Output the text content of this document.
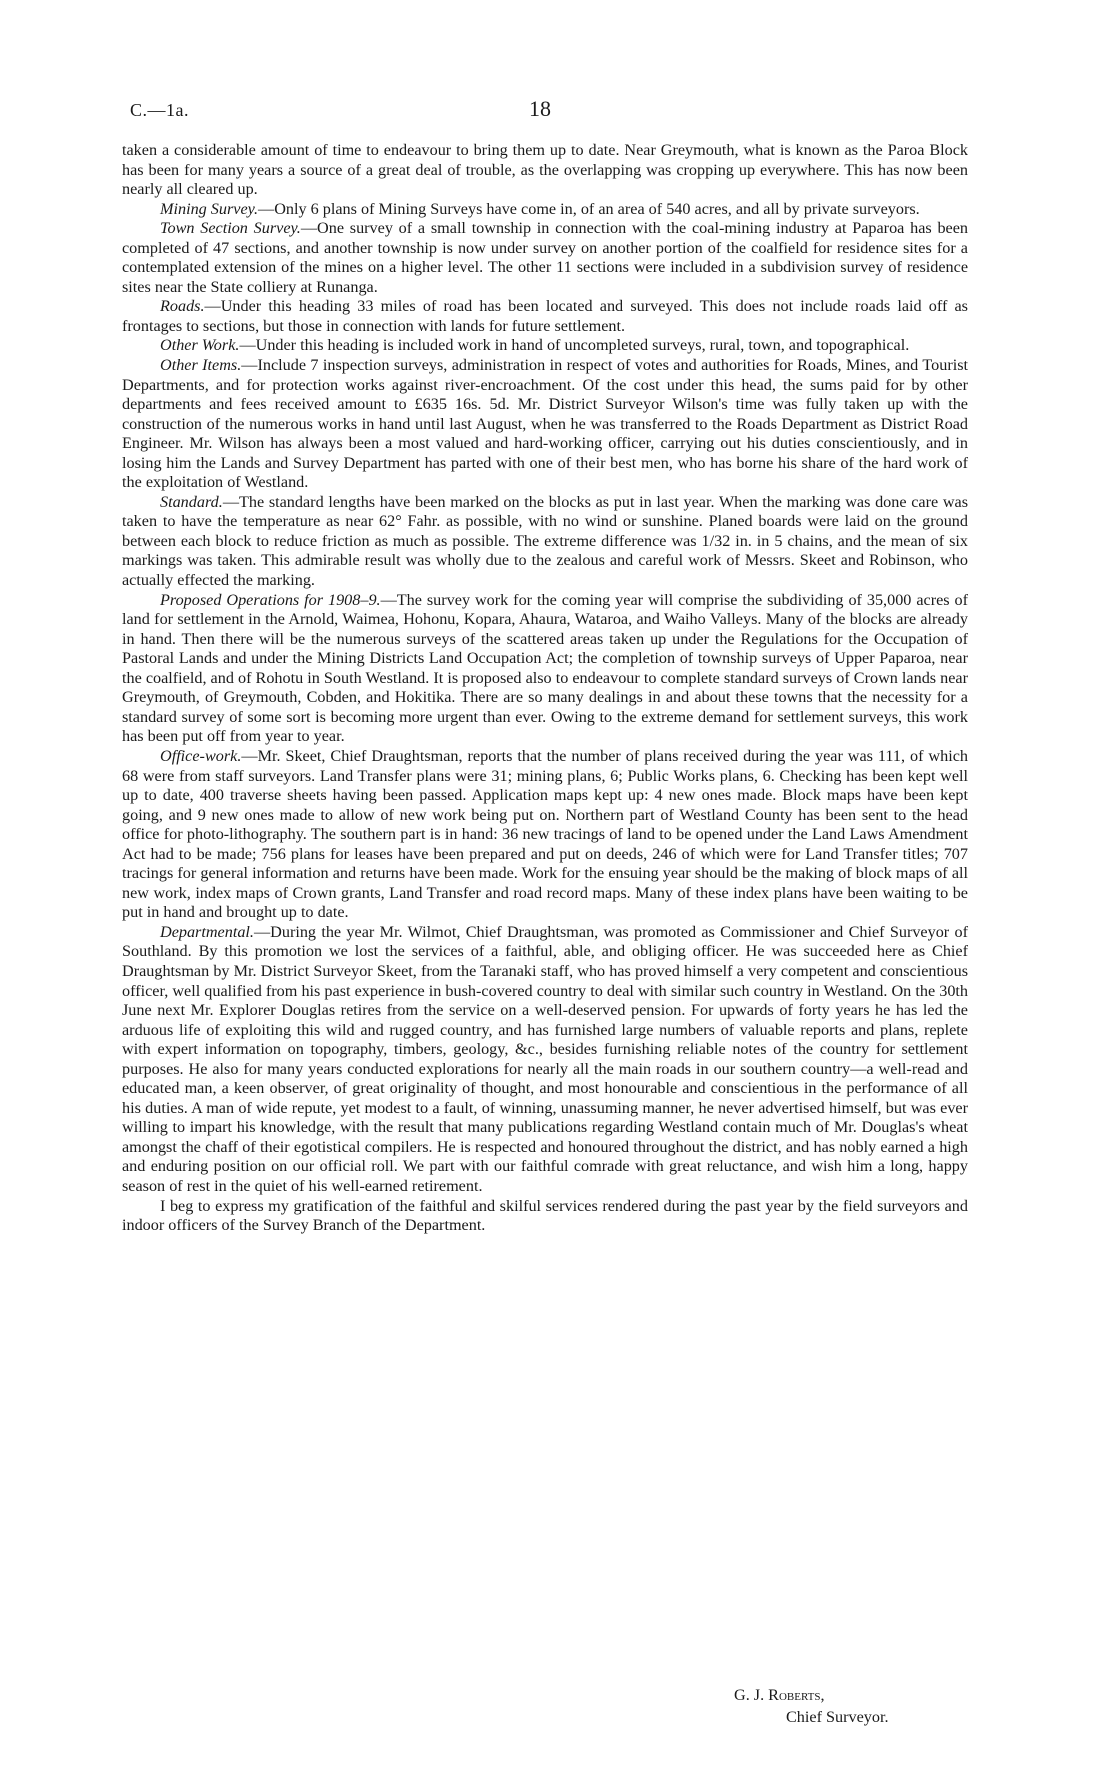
C.—1a.	18

taken a considerable amount of time to endeavour to bring them up to date. Near Greymouth, what is known as the Paroa Block has been for many years a source of a great deal of trouble, as the overlapping was cropping up everywhere. This has now been nearly all cleared up.

Mining Survey.—Only 6 plans of Mining Surveys have come in, of an area of 540 acres, and all by private surveyors.

Town Section Survey.—One survey of a small township in connection with the coal-mining industry at Paparoa has been completed of 47 sections, and another township is now under survey on another portion of the coalfield for residence sites for a contemplated extension of the mines on a higher level. The other 11 sections were included in a subdivision survey of residence sites near the State colliery at Runanga.

Roads.—Under this heading 33 miles of road has been located and surveyed. This does not include roads laid off as frontages to sections, but those in connection with lands for future settlement.

Other Work.—Under this heading is included work in hand of uncompleted surveys, rural, town, and topographical.

Other Items.—Include 7 inspection surveys, administration in respect of votes and authorities for Roads, Mines, and Tourist Departments, and for protection works against river-encroachment. Of the cost under this head, the sums paid for by other departments and fees received amount to £635 16s. 5d. Mr. District Surveyor Wilson's time was fully taken up with the construction of the numerous works in hand until last August, when he was transferred to the Roads Department as District Road Engineer. Mr. Wilson has always been a most valued and hard-working officer, carrying out his duties conscientiously, and in losing him the Lands and Survey Department has parted with one of their best men, who has borne his share of the hard work of the exploitation of Westland.

Standard.—The standard lengths have been marked on the blocks as put in last year. When the marking was done care was taken to have the temperature as near 62° Fahr. as possible, with no wind or sunshine. Planed boards were laid on the ground between each block to reduce friction as much as possible. The extreme difference was 1/32 in. in 5 chains, and the mean of six markings was taken. This admirable result was wholly due to the zealous and careful work of Messrs. Skeet and Robinson, who actually effected the marking.

Proposed Operations for 1908–9.—The survey work for the coming year will comprise the subdividing of 35,000 acres of land for settlement in the Arnold, Waimea, Hohonu, Kopara, Ahaura, Wataroa, and Waiho Valleys. Many of the blocks are already in hand. Then there will be the numerous surveys of the scattered areas taken up under the Regulations for the Occupation of Pastoral Lands and under the Mining Districts Land Occupation Act; the completion of township surveys of Upper Paparoa, near the coalfield, and of Rohotu in South Westland. It is proposed also to endeavour to complete standard surveys of Crown lands near Greymouth, of Greymouth, Cobden, and Hokitika. There are so many dealings in and about these towns that the necessity for a standard survey of some sort is becoming more urgent than ever. Owing to the extreme demand for settlement surveys, this work has been put off from year to year.

Office-work.—Mr. Skeet, Chief Draughtsman, reports that the number of plans received during the year was 111, of which 68 were from staff surveyors. Land Transfer plans were 31; mining plans, 6; Public Works plans, 6. Checking has been kept well up to date, 400 traverse sheets having been passed. Application maps kept up: 4 new ones made. Block maps have been kept going, and 9 new ones made to allow of new work being put on. Northern part of Westland County has been sent to the head office for photo-lithography. The southern part is in hand: 36 new tracings of land to be opened under the Land Laws Amendment Act had to be made; 756 plans for leases have been prepared and put on deeds, 246 of which were for Land Transfer titles; 707 tracings for general information and returns have been made. Work for the ensuing year should be the making of block maps of all new work, index maps of Crown grants, Land Transfer and road record maps. Many of these index plans have been waiting to be put in hand and brought up to date.

Departmental.—During the year Mr. Wilmot, Chief Draughtsman, was promoted as Commissioner and Chief Surveyor of Southland. By this promotion we lost the services of a faithful, able, and obliging officer. He was succeeded here as Chief Draughtsman by Mr. District Surveyor Skeet, from the Taranaki staff, who has proved himself a very competent and conscientious officer, well qualified from his past experience in bush-covered country to deal with similar such country in Westland. On the 30th June next Mr. Explorer Douglas retires from the service on a well-deserved pension. For upwards of forty years he has led the arduous life of exploiting this wild and rugged country, and has furnished large numbers of valuable reports and plans, replete with expert information on topography, timbers, geology, &c., besides furnishing reliable notes of the country for settlement purposes. He also for many years conducted explorations for nearly all the main roads in our southern country—a well-read and educated man, a keen observer, of great originality of thought, and most honourable and conscientious in the performance of all his duties. A man of wide repute, yet modest to a fault, of winning, unassuming manner, he never advertised himself, but was ever willing to impart his knowledge, with the result that many publications regarding Westland contain much of Mr. Douglas's wheat amongst the chaff of their egotistical compilers. He is respected and honoured throughout the district, and has nobly earned a high and enduring position on our official roll. We part with our faithful comrade with great reluctance, and wish him a long, happy season of rest in the quiet of his well-earned retirement.

I beg to express my gratification of the faithful and skilful services rendered during the past year by the field surveyors and indoor officers of the Survey Branch of the Department.

G. J. Roberts,
Chief Surveyor.
